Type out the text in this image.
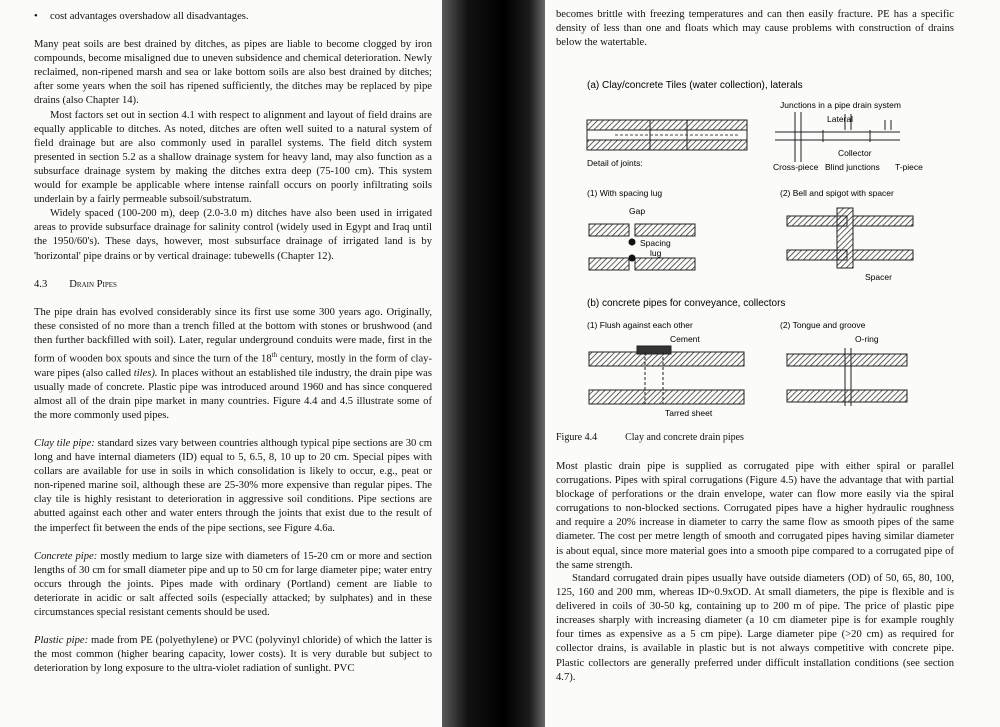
• cost advantages overshadow all disadvantages.

Many peat soils are best drained by ditches, as pipes are liable to become clogged by iron compounds, become misaligned due to uneven subsidence and chemical deterioration. Newly reclaimed, non-ripened marsh and sea or lake bottom soils are also best drained by ditches; after some years when the soil has ripened sufficiently, the ditches may be replaced by pipe drains (also Chapter 14).

Most factors set out in section 4.1 with respect to alignment and layout of field drains are equally applicable to ditches. As noted, ditches are often well suited to a natural system of field drainage but are also commonly used in parallel systems. The field ditch system presented in section 5.2 as a shallow drainage system for heavy land, may also function as a subsurface drainage system by making the ditches extra deep (75-100 cm). This system would for example be applicable where intense rainfall occurs on poorly infiltrating soils underlain by a fairly permeable subsoil/substratum.

Widely spaced (100-200 m), deep (2.0-3.0 m) ditches have also been used in irrigated areas to provide subsurface drainage for salinity control (widely used in Egypt and Iraq until the 1950/60's). These days, however, most subsurface drainage of irrigated land is by 'horizontal' pipe drains or by vertical drainage: tubewells (Chapter 12).

4.3 Drain Pipes

The pipe drain has evolved considerably since its first use some 300 years ago. Originally, these consisted of no more than a trench filled at the bottom with stones or brushwood (and then further backfilled with soil). Later, regular underground conduits were made, first in the form of wooden box spouts and since the turn of the 18th century, mostly in the form of clay-ware pipes (also called tiles). In places without an established tile industry, the drain pipe was usually made of concrete. Plastic pipe was introduced around 1960 and has since conquered almost all of the drain pipe market in many countries. Figure 4.4 and 4.5 illustrate some of the more commonly used pipes.

Clay tile pipe: standard sizes vary between countries although typical pipe sections are 30 cm long and have internal diameters (ID) equal to 5, 6.5, 8, 10 up to 20 cm. Special pipes with collars are available for use in soils in which consolidation is likely to occur, e.g., peat or non-ripened marine soil, although these are 25-30% more expensive than regular pipes. The clay tile is highly resistant to deterioration in aggressive soil conditions. Pipe sections are abutted against each other and water enters through the joints that exist due to the result of the imperfect fit between the ends of the pipe sections, see Figure 4.6a.

Concrete pipe: mostly medium to large size with diameters of 15-20 cm or more and section lengths of 30 cm for small diameter pipe and up to 50 cm for large diameter pipe; water entry occurs through the joints. Pipes made with ordinary (Portland) cement are liable to deteriorate in acidic or salt affected soils (especially attacked; by sulphates) and in these circumstances special resistant cements should be used.

Plastic pipe: made from PE (polyethylene) or PVC (polyvinyl chloride) of which the latter is the most common (higher bearing capacity, lower costs). It is very durable but subject to deterioration by long exposure to the ultra-violet radiation of sunlight. PVC

becomes brittle with freezing temperatures and can then easily fracture. PE has a specific density of less than one and floats which may cause problems with construction of drains below the watertable.
(a) Clay/concrete Tiles (water collection), laterals
Junctions in a pipe drain system
Detail of joints:
Lateral
Collector
Cross-piece Blind junctions T-piece
(1) With spacing lug
Gap
Spacing
lug
(2) Bell and spigot with spacer
Spacer
(b) concrete pipes for conveyance, collectors
(1) Flush against each other
Cement
Tarred sheet
(2) Tongue and groove
O-ring
Figure 4.4	Clay and concrete drain pipes
Most plastic drain pipe is supplied as corrugated pipe with either spiral or parallel corrugations. Pipes with spiral corrugations (Figure 4.5) have the advantage that with partial blockage of perforations or the drain envelope, water can flow more easily via the spiral corrugations to non-blocked sections. Corrugated pipes have a higher hydraulic roughness and require a 20% increase in diameter to carry the same flow as smooth pipes of the same diameter. The cost per metre length of smooth and corrugated pipes having similar diameter is about equal, since more material goes into a smooth pipe compared to a corrugated pipe of the same strength.
Standard corrugated drain pipes usually have outside diameters (OD) of 50, 65, 80, 100, 125, 160 and 200 mm, whereas ID~0.9xOD. At small diameters, the pipe is flexible and is delivered in coils of 30-50 kg, containing up to 200 m of pipe. The price of plastic pipe increases sharply with increasing diameter (a 10 cm diameter pipe is for example roughly four times as expensive as a 5 cm pipe). Large diameter pipe (>20 cm) as required for collector drains, is available in plastic but is not always competitive with concrete pipe. Plastic collectors are generally preferred under difficult installation conditions (see section 4.7).
